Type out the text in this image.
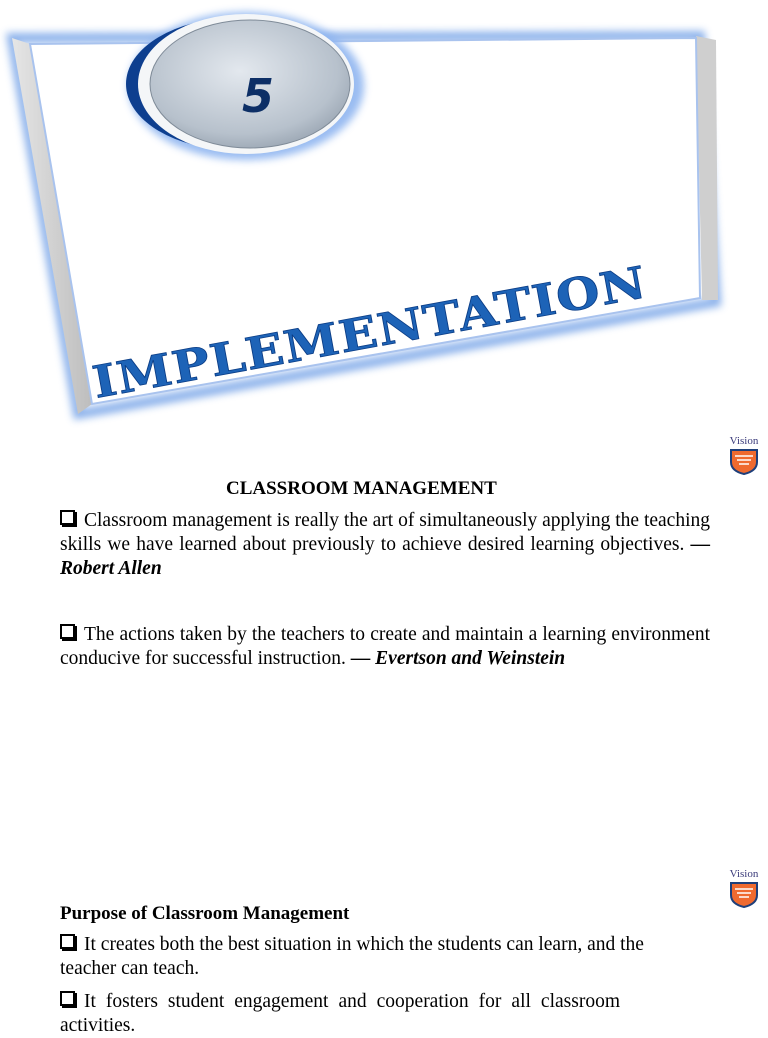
5
IMPLEMENTATION
Vision
Vision
CLASSROOM MANAGEMENT
Classroom management is really the art of simultaneously applying the teaching skills we have learned about previously to achieve desired learning objectives. —Robert Allen
The actions taken by the teachers to create and maintain a learning environment conducive for successful instruction. — Evertson and Weinstein
Purpose of Classroom Management
It creates both the best situation in which the students can learn, and the teacher can teach.
It fosters student engagement and cooperation for all classroom activities.
